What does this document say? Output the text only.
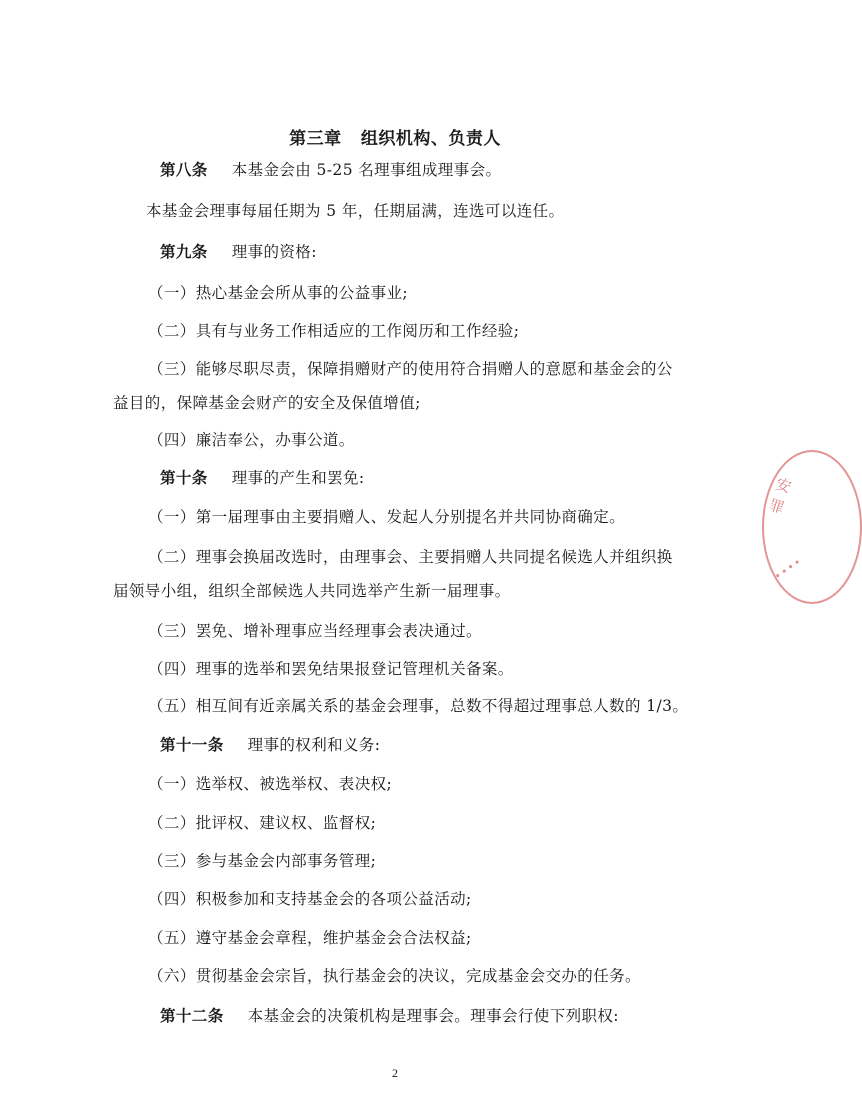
第三章   组织机构、负责人
第八条 本基金会由 5-25 名理事组成理事会。
本基金会理事每届任期为 5 年，任期届满，连选可以连任。
第九条 理事的资格:
（一）热心基金会所从事的公益事业;
（二）具有与业务工作相适应的工作阅历和工作经验;
（三）能够尽职尽责，保障捐赠财产的使用符合捐赠人的意愿和基金会的公
益目的，保障基金会财产的安全及保值增值;
（四）廉洁奉公，办事公道。
第十条 理事的产生和罢免:
（一）第一届理事由主要捐赠人、发起人分别提名并共同协商确定。
（二）理事会换届改选时，由理事会、主要捐赠人共同提名候选人并组织换
届领导小组，组织全部候选人共同选举产生新一届理事。
（三）罢免、增补理事应当经理事会表决通过。
（四）理事的选举和罢免结果报登记管理机关备案。
（五）相互间有近亲属关系的基金会理事，总数不得超过理事总人数的 1/3。
第十一条 理事的权利和义务:
（一）选举权、被选举权、表决权;
（二）批评权、建议权、监督权;
（三）参与基金会内部事务管理;
（四）积极参加和支持基金会的各项公益活动;
（五）遵守基金会章程，维护基金会合法权益;
（六）贯彻基金会宗旨，执行基金会的决议，完成基金会交办的任务。
第十二条 本基金会的决策机构是理事会。理事会行使下列职权:
2
安罪
∙∙∙∙
